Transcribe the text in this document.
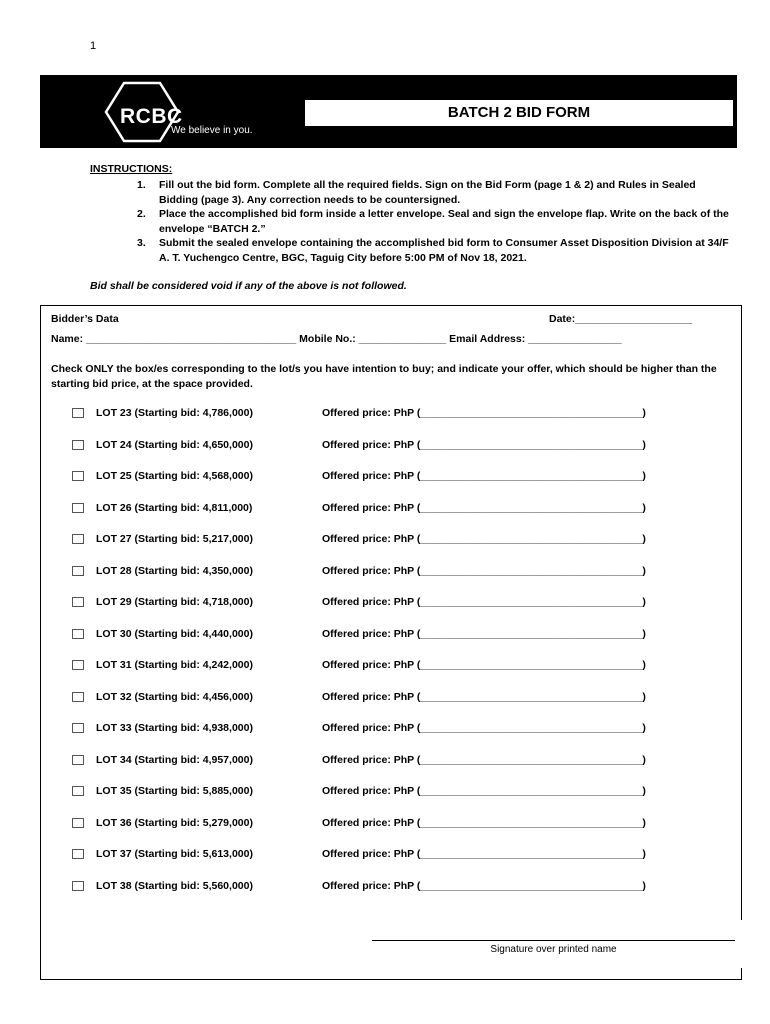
1
RCBC
We believe in you.
BATCH 2 BID FORM
INSTRUCTIONS:
1. Fill out the bid form. Complete all the required fields. Sign on the Bid Form (page 1 & 2) and Rules in Sealed Bidding (page 3). Any correction needs to be countersigned.
2. Place the accomplished bid form inside a letter envelope. Seal and sign the envelope flap. Write on the back of the envelope “BATCH 2.”
3. Submit the sealed envelope containing the accomplished bid form to Consumer Asset Disposition Division at 34/F A. T. Yuchengco Centre, BGC, Taguig City before 5:00 PM of Nov 18, 2021.
Bid shall be considered void if any of the above is not followed.
Bidder’s Data	Date:____________________
Name: ____________________________________ Mobile No.: _______________ Email Address: ________________
Check ONLY the box/es corresponding to the lot/s you have intention to buy; and indicate your offer, which should be higher than the starting bid price, at the space provided.
LOT 23 (Starting bid: 4,786,000)	Offered price: PhP (______________________________________)
LOT 24 (Starting bid: 4,650,000)	Offered price: PhP (______________________________________)
LOT 25 (Starting bid: 4,568,000)	Offered price: PhP (______________________________________)
LOT 26 (Starting bid: 4,811,000)	Offered price: PhP (______________________________________)
LOT 27 (Starting bid: 5,217,000)	Offered price: PhP (______________________________________)
LOT 28 (Starting bid: 4,350,000)	Offered price: PhP (______________________________________)
LOT 29 (Starting bid: 4,718,000)	Offered price: PhP (______________________________________)
LOT 30 (Starting bid: 4,440,000)	Offered price: PhP (______________________________________)
LOT 31 (Starting bid: 4,242,000)	Offered price: PhP (______________________________________)
LOT 32 (Starting bid: 4,456,000)	Offered price: PhP (______________________________________)
LOT 33 (Starting bid: 4,938,000)	Offered price: PhP (______________________________________)
LOT 34 (Starting bid: 4,957,000)	Offered price: PhP (______________________________________)
LOT 35 (Starting bid: 5,885,000)	Offered price: PhP (______________________________________)
LOT 36 (Starting bid: 5,279,000)	Offered price: PhP (______________________________________)
LOT 37 (Starting bid: 5,613,000)	Offered price: PhP (______________________________________)
LOT 38 (Starting bid: 5,560,000)	Offered price: PhP (______________________________________)
Signature over printed name
